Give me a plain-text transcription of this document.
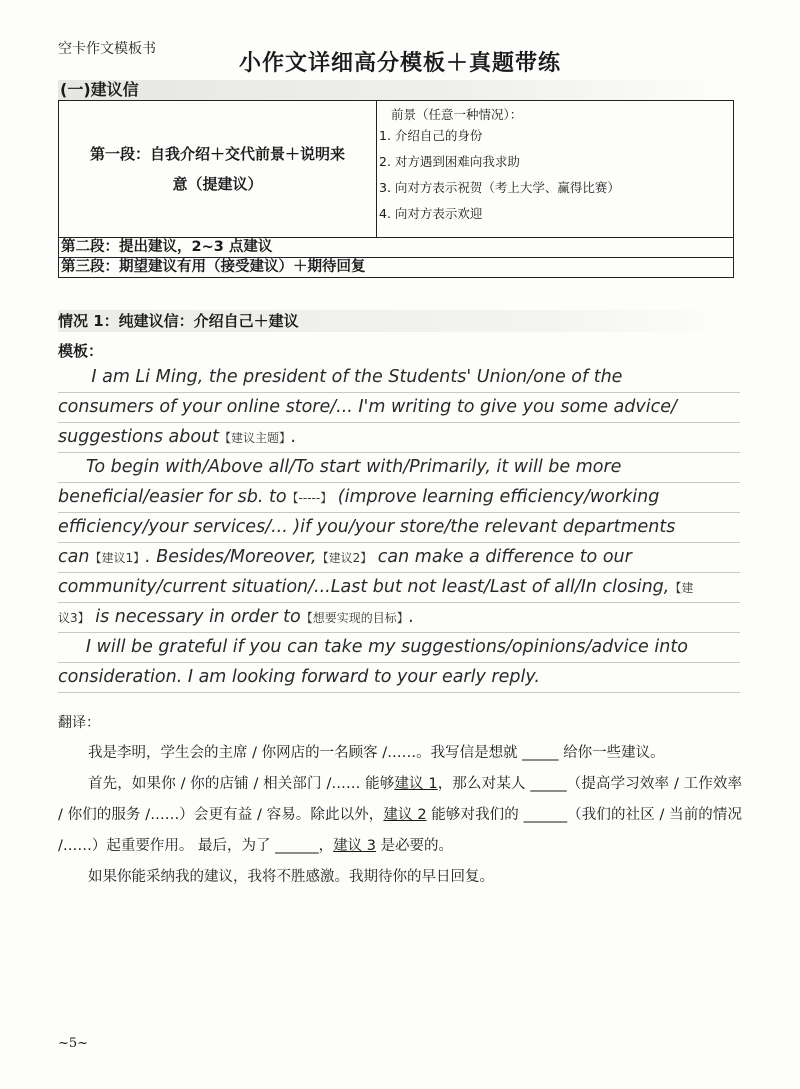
空卡作文模板书
小作文详细高分模板＋真题带练
(一)建议信
第一段：自我介绍＋交代前景＋说明来
意（提建议）
前景（任意一种情况）：
1. 介绍自己的身份
2. 对方遇到困难向我求助
3. 向对方表示祝贺（考上大学、赢得比赛）
4. 向对方表示欢迎
第二段：提出建议，2~3 点建议
第三段：期望建议有用（接受建议）＋期待回复
情况 1：纯建议信：介绍自己＋建议
模板：
I am Li Ming, the president of the Students' Union/one of the
consumers of your online store/... I'm writing to give you some advice/
suggestions about【建议主题】.
To begin with/Above all/To start with/Primarily, it will be more
beneficial/easier for sb. to【-----】 (improve learning efficiency/working
efficiency/your services/... )if you/your store/the relevant departments
can【建议1】. Besides/Moreover,【建议2】 can make a difference to our
community/current situation/...Last but not least/Last of all/In closing,【建
议3】 is necessary in order to【想要实现的目标】.
I will be grateful if you can take my suggestions/opinions/advice into
consideration. I am looking forward to your early reply.
翻译：

我是李明，学生会的主席 / 你网店的一名顾客 /……。我写信是想就 _____ 给你一些建议。

首先，如果你 / 你的店铺 / 相关部门 /…… 能够建议 1，那么对某人 _____（提高学习效率 / 工作效率 / 你们的服务 /……）会更有益 / 容易。除此以外，建议 2 能够对我们的 ______（我们的社区 / 当前的情况 /……）起重要作用。 最后，为了 ______，建议 3 是必要的。

如果你能采纳我的建议，我将不胜感激。我期待你的早日回复。

~5~
